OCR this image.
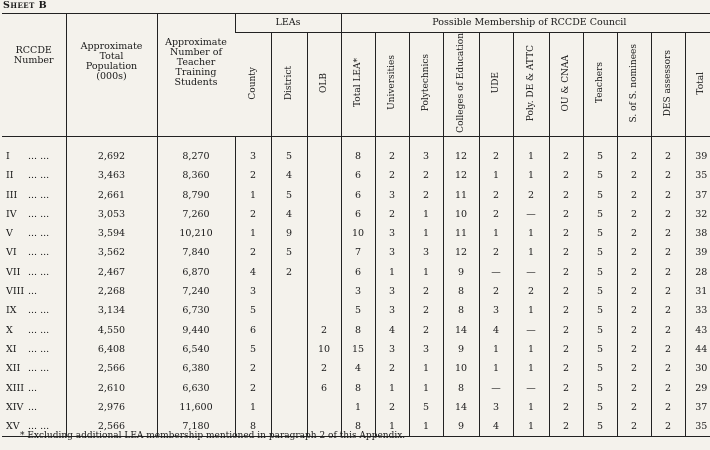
Sheet B
RCCDE Number	Approximate Total Population (000s)	Approximate Number of Teacher Training Students	LEAs			Possible Membership of RCCDE Council										
			County	District	OLB	Total LEA*	Universities	Polytechnics	Colleges of Education	UDE	Poly. DE & ATTC	OU & CNAA	Teachers	S. of S. nominees	DES assessors	Total
I ... ...	2,692	8,270	3	5		8	2	3	12	2	1	2	5	2	2	39
II ... ...	3,463	8,360	2	4		6	2	2	12	1	1	2	5	2	2	35
III ... ...	2,661	8,790	1	5		6	3	2	11	2	2	2	5	2	2	37
IV ... ...	3,053	7,260	2	4		6	2	1	10	2	—	2	5	2	2	32
V ... ...	3,594	10,210	1	9		10	3	1	11	1	1	2	5	2	2	38
VI ... ...	3,562	7,840	2	5		7	3	3	12	2	1	2	5	2	2	39
VII ... ...	2,467	6,870	4	2		6	1	1	9	—	—	2	5	2	2	28
VIII ...	2,268	7,240	3			3	3	2	8	2	2	2	5	2	2	31
IX ... ...	3,134	6,730	5			5	3	2	8	3	1	2	5	2	2	33
X ... ...	4,550	9,440	6		2	8	4	2	14	4	—	2	5	2	2	43
XI ... ...	6,408	6,540	5		10	15	3	3	9	1	1	2	5	2	2	44
XII ... ...	2,566	6,380	2		2	4	2	1	10	1	1	2	5	2	2	30
XIII ...	2,610	6,630	2		6	8	1	1	8	—	—	2	5	2	2	29
XIV ...	2,976	11,600	1			1	2	5	14	3	1	2	5	2	2	37
XV ... ...	2,566	7,180	8			8	1	1	9	4	1	2	5	2	2	35
* Excluding additional LEA membership mentioned in paragraph 2 of this Appendix.
